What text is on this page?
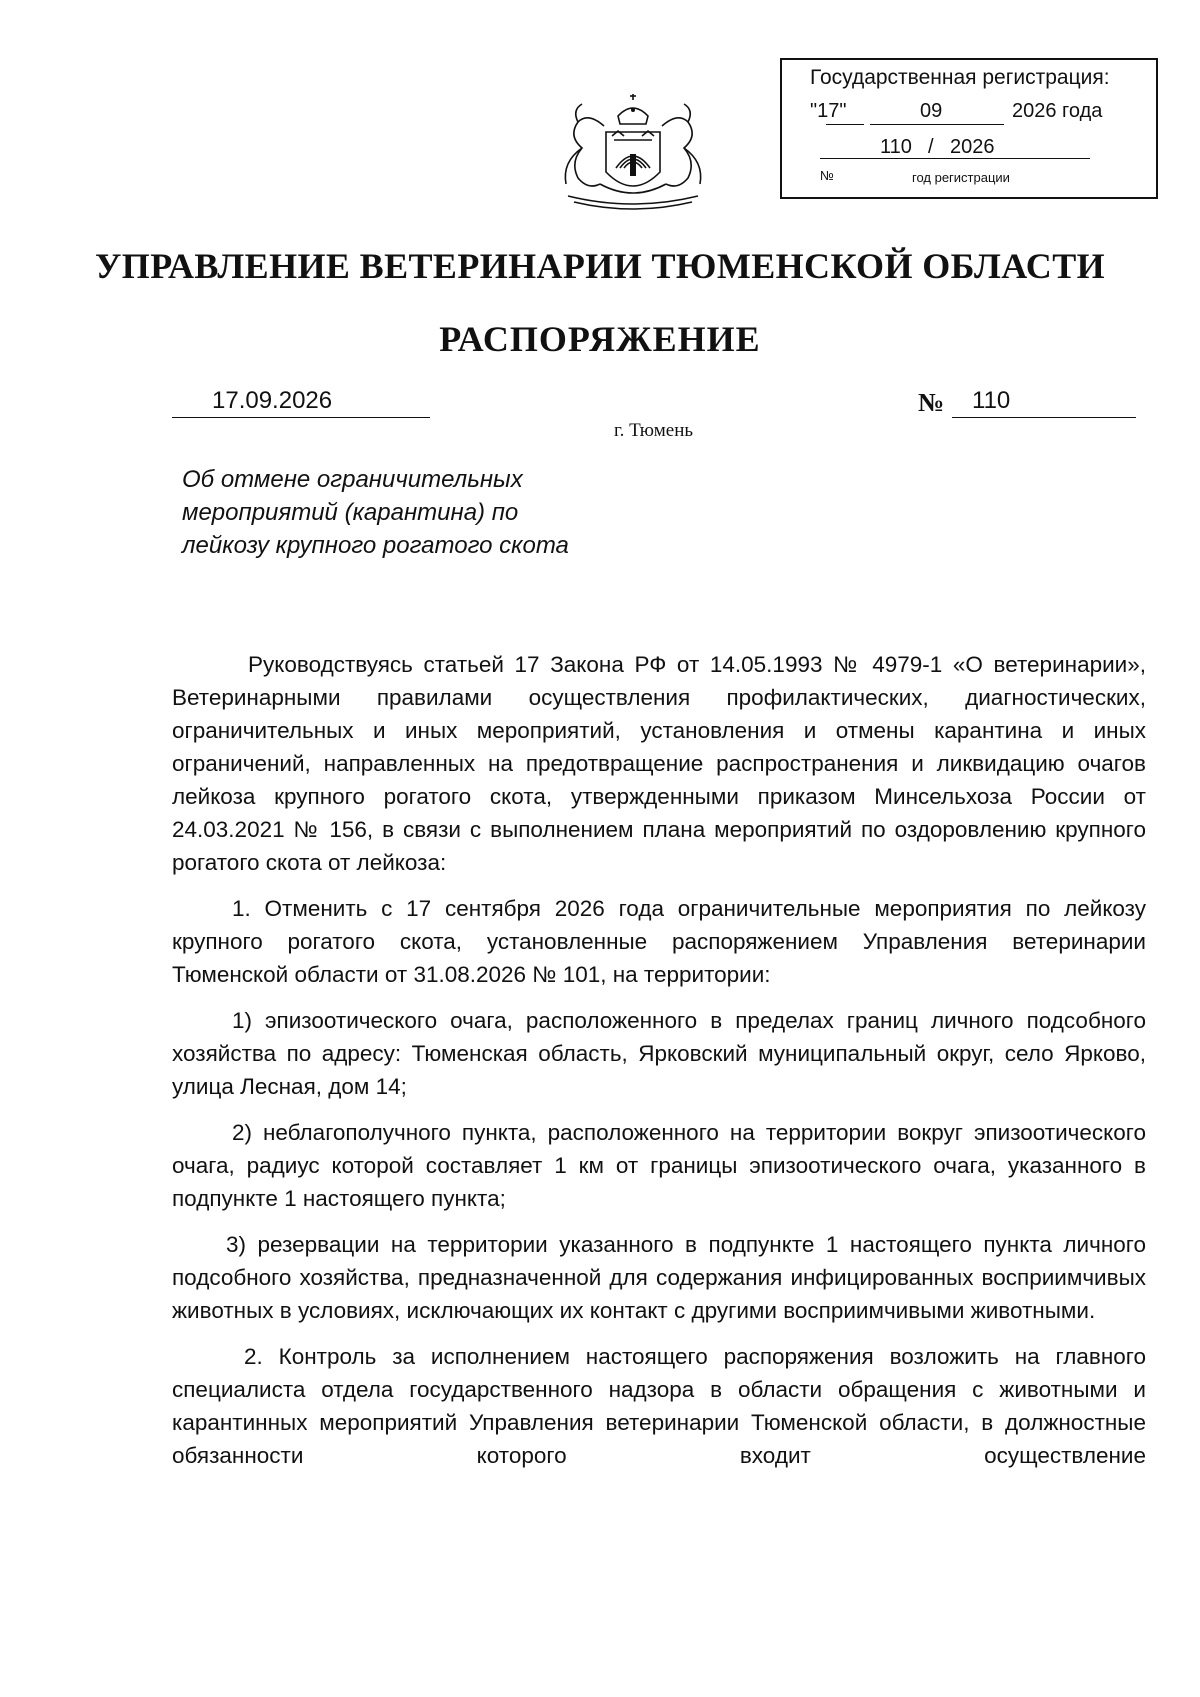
Государственная регистрация:
"17"	09	2026 года
110 / 2026
№	год регистрации
УПРАВЛЕНИЕ ВЕТЕРИНАРИИ ТЮМЕНСКОЙ ОБЛАСТИ
РАСПОРЯЖЕНИЕ
17.09.2026	№ 110
г. Тюмень
Об отмене ограничительных
мероприятий (карантина) по
лейкозу крупного рогатого скота

Руководствуясь статьей 17 Закона РФ от 14.05.1993 № 4979-1 «О ветеринарии», Ветеринарными правилами осуществления профилактических, диагностических, ограничительных и иных мероприятий, установления и отмены карантина и иных ограничений, направленных на предотвращение распространения и ликвидацию очагов лейкоза крупного рогатого скота, утвержденными приказом Минсельхоза России от 24.03.2021 № 156, в связи с выполнением плана мероприятий по оздоровлению крупного рогатого скота от лейкоза:

1. Отменить с 17 сентября 2026 года ограничительные мероприятия по лейкозу крупного рогатого скота, установленные распоряжением Управления ветеринарии Тюменской области от 31.08.2026 № 101, на территории:

1) эпизоотического очага, расположенного в пределах границ личного подсобного хозяйства по адресу: Тюменская область, Ярковский муниципальный округ, село Ярково, улица Лесная, дом 14;

2) неблагополучного пункта, расположенного на территории вокруг эпизоотического очага, радиус которой составляет 1 км от границы эпизоотического очага, указанного в подпункте 1 настоящего пункта;

3) резервации на территории указанного в подпункте 1 настоящего пункта личного подсобного хозяйства, предназначенной для содержания инфицированных восприимчивых животных в условиях, исключающих их контакт с другими восприимчивыми животными.

2. Контроль за исполнением настоящего распоряжения возложить на главного специалиста отдела государственного надзора в области обращения с животными и карантинных мероприятий Управления ветеринарии Тюменской области, в должностные обязанности которого входит осуществление
